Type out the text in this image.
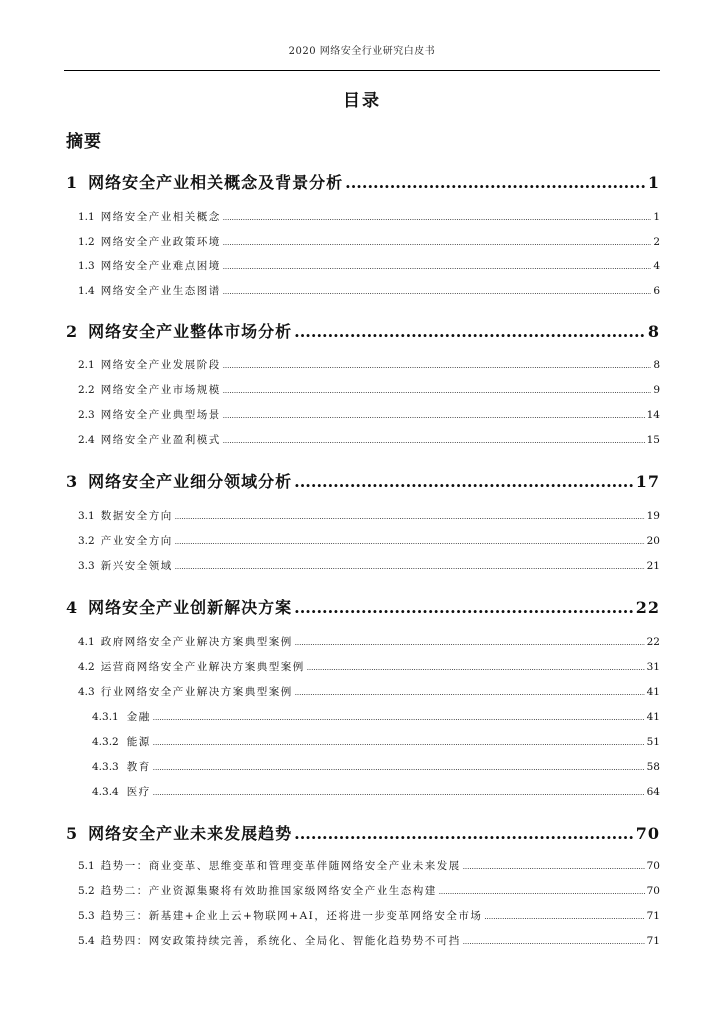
2020 网络安全行业研究白皮书
目录
摘要
1 网络安全产业相关概念及背景分析 .....	1
1.1 网络安全产业相关概念 .....	1
1.2 网络安全产业政策环境 .....	2
1.3 网络安全产业难点困境 .....	4
1.4 网络安全产业生态图谱 .....	6
2 网络安全产业整体市场分析 .....	8
2.1 网络安全产业发展阶段 .....	8
2.2 网络安全产业市场规模 .....	9
2.3 网络安全产业典型场景 .....	14
2.4 网络安全产业盈利模式 .....	15
3 网络安全产业细分领域分析 .....	17
3.1 数据安全方向 .....	19
3.2 产业安全方向 .....	20
3.3 新兴安全领域 .....	21
4 网络安全产业创新解决方案 .....	22
4.1 政府网络安全产业解决方案典型案例 .....	22
4.2 运营商网络安全产业解决方案典型案例 .....	31
4.3 行业网络安全产业解决方案典型案例 .....	41
4.3.1 金融 .....	41
4.3.2 能源 .....	51
4.3.3 教育 .....	58
4.3.4 医疗 .....	64
5 网络安全产业未来发展趋势 .....	70
5.1 趋势一：商业变革、思维变革和管理变革伴随网络安全产业未来发展 .....	70
5.2 趋势二：产业资源集聚将有效助推国家级网络安全产业生态构建 .....	70
5.3 趋势三：新基建+企业上云+物联网+AI，还将进一步变革网络安全市场 .....	71
5.4 趋势四：网安政策持续完善，系统化、全局化、智能化趋势势不可挡 .....	71
